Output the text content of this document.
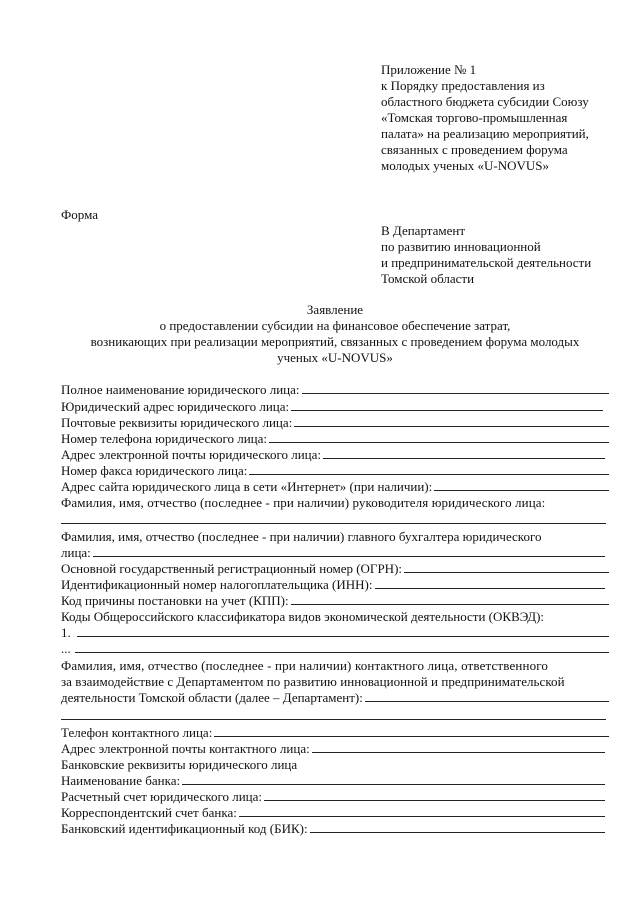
Приложение № 1
к Порядку предоставления из
областного бюджета субсидии Союзу
«Томская торгово-промышленная
палата» на реализацию мероприятий,
связанных с проведением форума
молодых ученых «U-NOVUS»
Форма
В Департамент
по развитию инновационной
и предпринимательской деятельности
Томской области
Заявление
о предоставлении субсидии на финансовое обеспечение затрат,
возникающих при реализации мероприятий, связанных с проведением форума молодых
ученых «U-NOVUS»
Полное наименование юридического лица:
Юридический адрес юридического лица:
Почтовые реквизиты юридического лица:
Номер телефона юридического лица:
Адрес электронной почты юридического лица:
Номер факса юридического лица:
Адрес сайта юридического лица в сети «Интернет» (при наличии):
Фамилия, имя, отчество (последнее - при наличии) руководителя юридического лица:
Фамилия, имя, отчество (последнее - при наличии) главного бухгалтера юридического
лица:
Основной государственный регистрационный номер (ОГРН):
Идентификационный номер налогоплательщика (ИНН):
Код причины постановки на учет (КПП):
Коды Общероссийского классификатора видов экономической деятельности (ОКВЭД):
1.
...
Фамилия, имя, отчество (последнее - при наличии) контактного лица, ответственного
за взаимодействие с Департаментом по развитию инновационной и предпринимательской
деятельности Томской области (далее – Департамент):
Телефон контактного лица:
Адрес электронной почты контактного лица:
Банковские реквизиты юридического лица
Наименование банка:
Расчетный счет юридического лица:
Корреспондентский счет банка:
Банковский идентификационный код (БИК):
